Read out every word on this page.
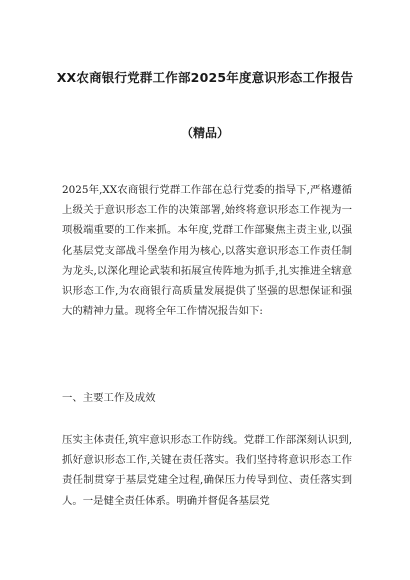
XX农商银行党群工作部2025年度意识形态工作报告
（精品）
2025年,XX农商银行党群工作部在总行党委的指导下,严格遵循上级关于意识形态工作的决策部署,始终将意识形态工作视为一项极端重要的工作来抓。本年度,党群工作部聚焦主责主业,以强化基层党支部战斗堡垒作用为核心,以落实意识形态工作责任制为龙头,以深化理论武装和拓展宣传阵地为抓手,扎实推进全辖意识形态工作,为农商银行高质量发展提供了坚强的思想保证和强大的精神力量。现将全年工作情况报告如下:
一、主要工作及成效
压实主体责任,筑牢意识形态工作防线。党群工作部深刻认识到,抓好意识形态工作,关键在责任落实。我们坚持将意识形态工作责任制贯穿于基层党建全过程,确保压力传导到位、责任落实到人。一是健全责任体系。明确并督促各基层党
